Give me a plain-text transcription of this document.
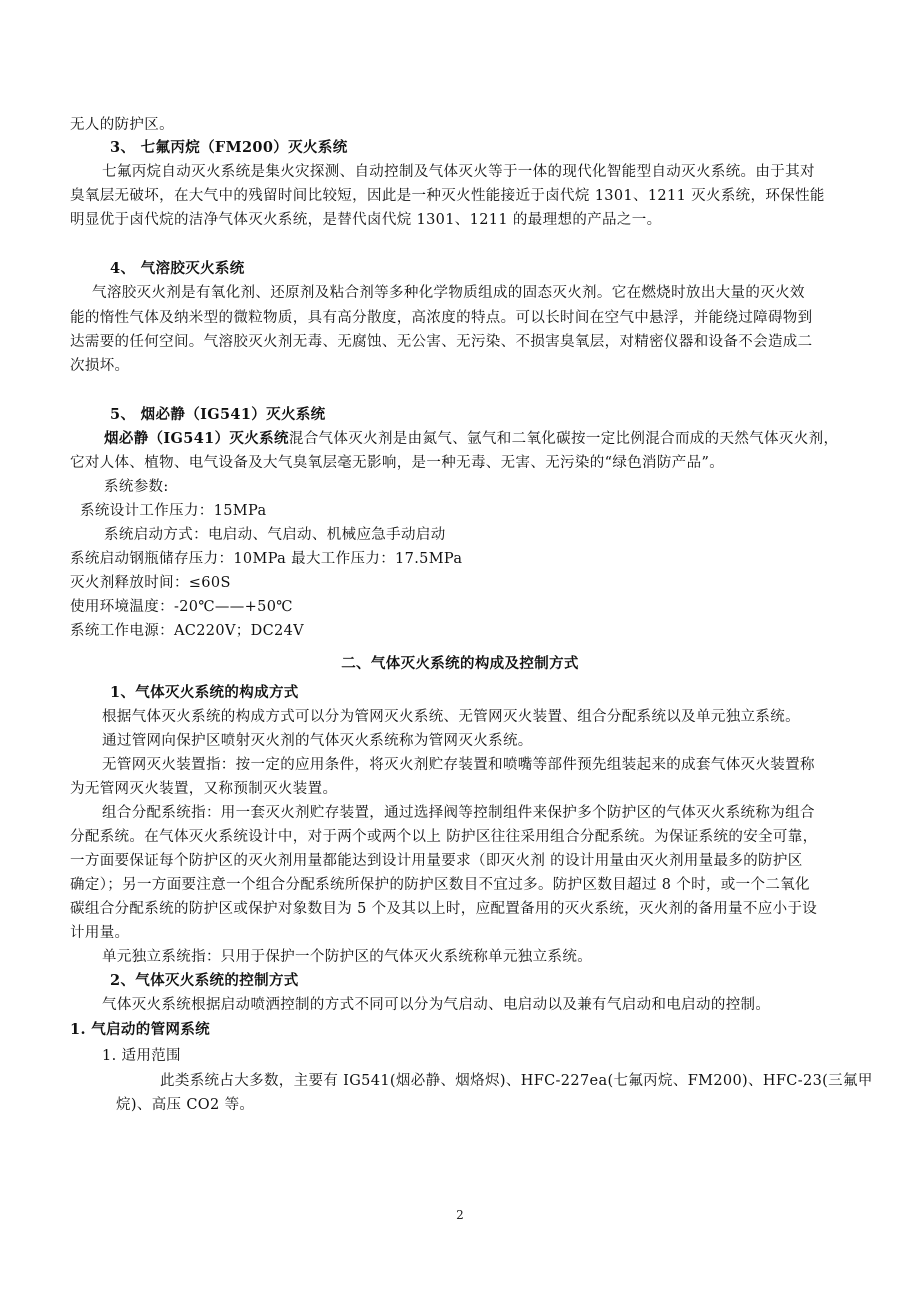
无人的防护区。
3、 七氟丙烷（FM200）灭火系统
七氟丙烷自动灭火系统是集火灾探测、自动控制及气体灭火等于一体的现代化智能型自动灭火系统。由于其对
臭氧层无破坏，在大气中的残留时间比较短，因此是一种灭火性能接近于卤代烷 1301、1211 灭火系统，环保性能
明显优于卤代烷的洁净气体灭火系统，是替代卤代烷 1301、1211 的最理想的产品之一。
4、 气溶胶灭火系统
气溶胶灭火剂是有氧化剂、还原剂及粘合剂等多种化学物质组成的固态灭火剂。它在燃烧时放出大量的灭火效
能的惰性气体及纳米型的微粒物质，具有高分散度，高浓度的特点。可以长时间在空气中悬浮，并能绕过障碍物到
达需要的任何空间。气溶胶灭火剂无毒、无腐蚀、无公害、无污染、不损害臭氧层，对精密仪器和设备不会造成二
次损坏。
5、 烟必静（IG541）灭火系统
烟必静（IG541）灭火系统混合气体灭火剂是由氮气、氩气和二氧化碳按一定比例混合而成的天然气体灭火剂，
它对人体、植物、电气设备及大气臭氧层毫无影响，是一种无毒、无害、无污染的“绿色消防产品”。
系统参数:
系统设计工作压力：15MPa
系统启动方式：电启动、气启动、机械应急手动启动
系统启动钢瓶储存压力：10MPa 最大工作压力：17.5MPa
灭火剂释放时间：≤60S
使用环境温度：-20℃——+50℃
系统工作电源：AC220V；DC24V
二、气体灭火系统的构成及控制方式
1、气体灭火系统的构成方式
根据气体灭火系统的构成方式可以分为管网灭火系统、无管网灭火装置、组合分配系统以及单元独立系统。
通过管网向保护区喷射灭火剂的气体灭火系统称为管网灭火系统。
无管网灭火装置指：按一定的应用条件，将灭火剂贮存装置和喷嘴等部件预先组装起来的成套气体灭火装置称
为无管网灭火装置，又称预制灭火装置。
组合分配系统指：用一套灭火剂贮存装置，通过选择阀等控制组件来保护多个防护区的气体灭火系统称为组合
分配系统。在气体灭火系统设计中，对于两个或两个以上 防护区往往采用组合分配系统。为保证系统的安全可靠，
一方面要保证每个防护区的灭火剂用量都能达到设计用量要求（即灭火剂 的设计用量由灭火剂用量最多的防护区
确定）；另一方面要注意一个组合分配系统所保护的防护区数目不宜过多。防护区数目超过 8 个时，或一个二氧化
碳组合分配系统的防护区或保护对象数目为 5 个及其以上时，应配置备用的灭火系统，灭火剂的备用量不应小于设
计用量。
单元独立系统指：只用于保护一个防护区的气体灭火系统称单元独立系统。
2、气体灭火系统的控制方式
气体灭火系统根据启动喷洒控制的方式不同可以分为气启动、电启动以及兼有气启动和电启动的控制。
1. 气启动的管网系统
1. 适用范围
此类系统占大多数，主要有 IG541(烟必静、烟烙烬)、HFC-227ea(七氟丙烷、FM200)、HFC-23(三氟甲
烷)、高压 CO2 等。
2
